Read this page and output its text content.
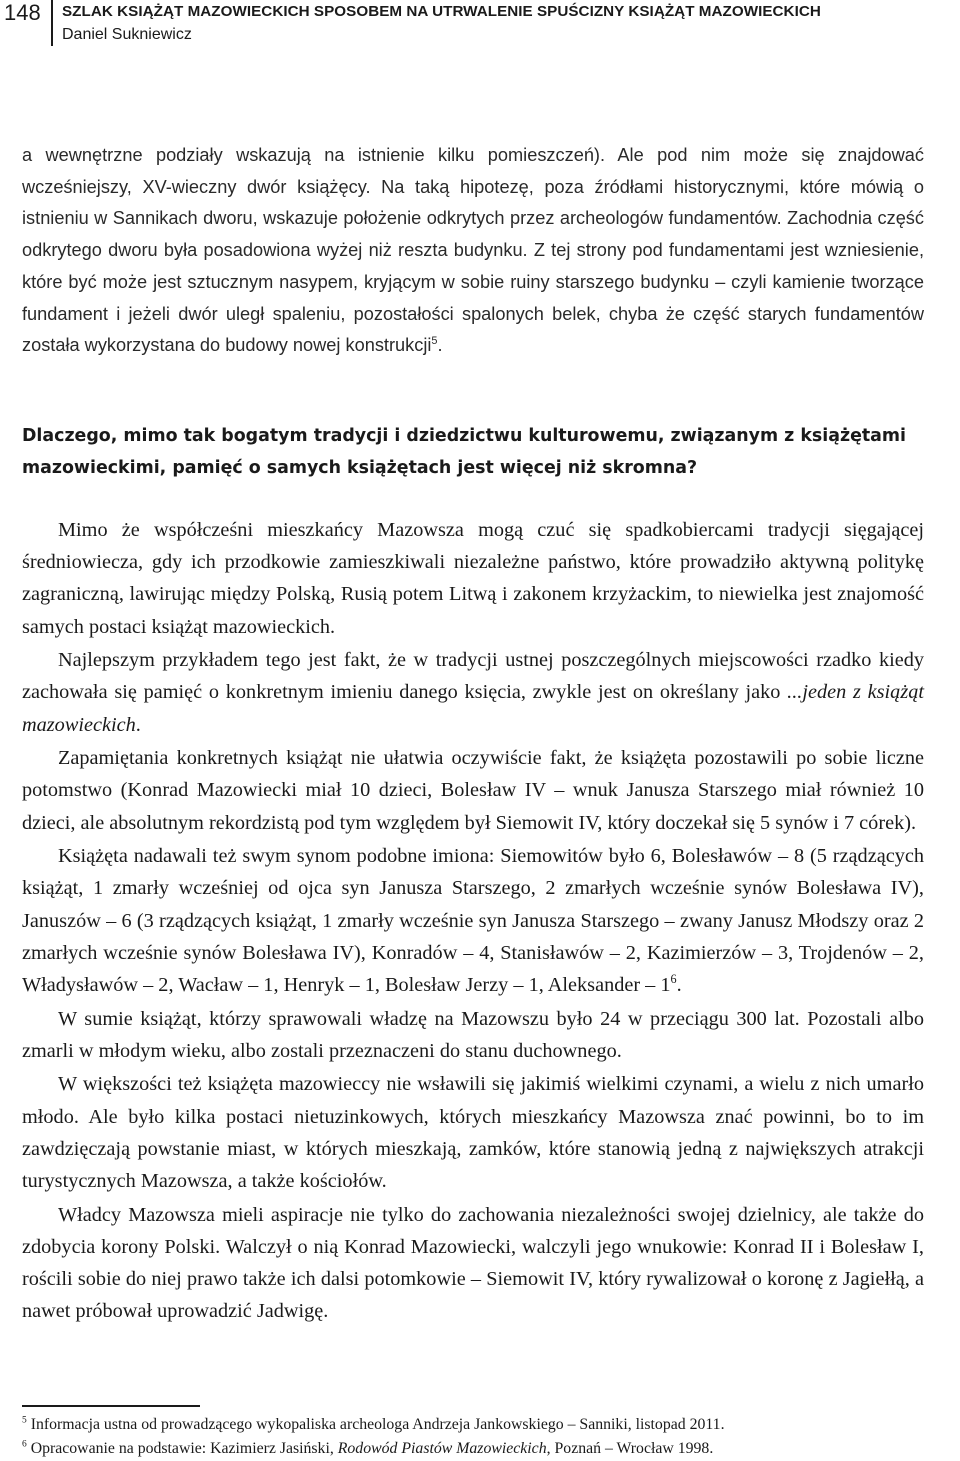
148	SZLAK KSIĄŻĄT MAZOWIECKICH SPOSOBEM NA UTRWALENIE SPUŚCIZNY KSIĄŻĄT MAZOWIECKICH
Daniel Sukniewicz

a wewnętrzne podziały wskazują na istnienie kilku pomieszczeń). Ale pod nim może się znajdować wcześniejszy, XV-wieczny dwór książęcy. Na taką hipotezę, poza źródłami historycznymi, które mówią o istnieniu w Sannikach dworu, wskazuje położenie odkrytych przez archeologów fundamentów. Zachodnia część odkrytego dworu była posadowiona wyżej niż reszta budynku. Z tej strony pod fundamentami jest wzniesienie, które być może jest sztucznym nasypem, kryjącym w sobie ruiny starszego budynku – czyli kamienie tworzące fundament i jeżeli dwór uległ spaleniu, pozostałości spalonych belek, chyba że część starych fundamentów została wykorzystana do budowy nowej konstrukcji$^5$.

Dlaczego, mimo tak bogatym tradycji i dziedzictwu kulturowemu, związanym z książętami mazowieckimi, pamięć o samych książętach jest więcej niż skromna?

Mimo że współcześni mieszkańcy Mazowsza mogą czuć się spadkobiercami tradycji sięgającej średniowiecza, gdy ich przodkowie zamieszkiwali niezależne państwo, które prowadziło aktywną politykę zagraniczną, lawirując między Polską, Rusią potem Litwą i zakonem krzyżackim, to niewielka jest znajomość samych postaci książąt mazowieckich.

Najlepszym przykładem tego jest fakt, że w tradycji ustnej poszczególnych miejscowości rzadko kiedy zachowała się pamięć o konkretnym imieniu danego księcia, zwykle jest on określany jako ...jeden z książąt mazowieckich.

Zapamiętania konkretnych książąt nie ułatwia oczywiście fakt, że książęta pozostawili po sobie liczne potomstwo (Konrad Mazowiecki miał 10 dzieci, Bolesław IV – wnuk Janusza Starszego miał również 10 dzieci, ale absolutnym rekordzistą pod tym względem był Siemowit IV, który doczekał się 5 synów i 7 córek).

Książęta nadawali też swym synom podobne imiona: Siemowitów było 6, Bolesławów – 8 (5 rządzących książąt, 1 zmarły wcześniej od ojca syn Janusza Starszego, 2 zmarłych wcześnie synów Bolesława IV), Januszów – 6 (3 rządzących książąt, 1 zmarły wcześnie syn Janusza Starszego – zwany Janusz Młodszy oraz 2 zmarłych wcześnie synów Bolesława IV), Konradów – 4, Stanisławów – 2, Kazimierzów – 3, Trojdenów – 2, Władysławów – 2, Wacław – 1, Henryk – 1, Bolesław Jerzy – 1, Aleksander – $1^6$.

W sumie książąt, którzy sprawowali władzę na Mazowszu było 24 w przeciągu 300 lat. Pozostali albo zmarli w młodym wieku, albo zostali przeznaczeni do stanu duchownego.

W większości też książęta mazowieccy nie wsławili się jakimiś wielkimi czynami, a wielu z nich umarło młodo. Ale było kilka postaci nietuzinkowych, których mieszkańcy Mazowsza znać powinni, bo to im zawdzięczają powstanie miast, w których mieszkają, zamków, które stanowią jedną z największych atrakcji turystycznych Mazowsza, a także kościołów.

Władcy Mazowsza mieli aspiracje nie tylko do zachowania niezależności swojej dzielnicy, ale także do zdobycia korony Polski. Walczył o nią Konrad Mazowiecki, walczyli jego wnukowie: Konrad II i Bolesław I, rościli sobie do niej prawo także ich dalsi potomkowie – Siemowit IV, który rywalizował o koronę z Jagiełłą, a nawet próbował uprowadzić Jadwigę.

$^5$ Informacja ustna od prowadzącego wykopaliska archeologa Andrzeja Jankowskiego – Sanniki, listopad 2011.

$^6$ Opracowanie na podstawie: Kazimierz Jasiński, Rodowód Piastów Mazowieckich, Poznań – Wrocław 1998.
